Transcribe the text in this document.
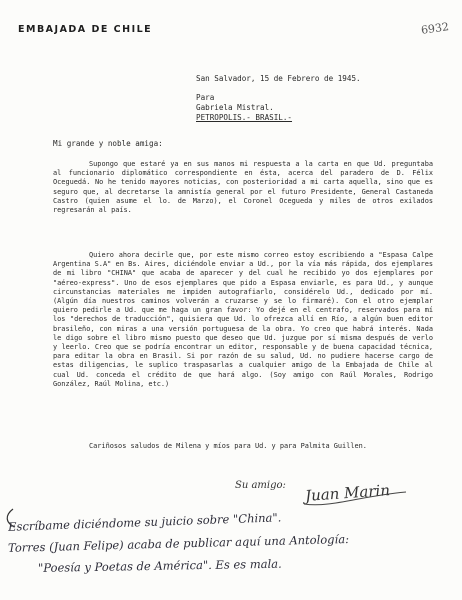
EMBAJADA DE CHILE	6932
San Salvador, 15 de Febrero de 1945.
Para
Gabriela Mistral.
PETROPOLIS.- BRASIL.-
Mi grande y noble amiga:

Supongo que estaré ya en sus manos mi respuesta a la carta en que Ud. preguntaba al funcionario diplomático correspondiente en ésta, acerca del paradero de D. Félix Oceguedá. No he tenido mayores noticias, con posterioridad a mi carta aquella, sino que es seguro que, al decretarse la amnistía general por el futuro Presidente, General Castaneda Castro (quien asume el lo. de Marzo), el Coronel Ocegueda y miles de otros exilados regresarán al país.

Quiero ahora decirle que, por este mismo correo estoy escribiendo a "Espasa Calpe Argentina S.A" en Bs. Aires, diciéndole enviar a Ud., por la vía más rápida, dos ejemplares de mi libro "CHINA" que acaba de aparecer y del cual he recibido yo dos ejemplares por "aéreo-express". Uno de esos ejemplares que pido a Espasa enviarle, es para Ud., y aunque circunstancias materiales me impiden autografiarlo, considérelo Ud., dedicado por mí. (Algún día nuestros caminos volverán a cruzarse y se lo firmaré). Con el otro ejemplar quiero pedirle a Ud. que me haga un gran favor: Yo dejé en el centrafo, reservados para mí los "derechos de traducción", quisiera que Ud. lo ofrezca allí en Río, a algún buen editor brasileño, con miras a una versión portuguesa de la obra. Yo creo que habrá interés. Nada le digo sobre el libro mismo puesto que deseo que Ud. juzgue por sí misma después de verlo y leerlo. Creo que se podría encontrar un editor, responsable y de buena capacidad técnica, para editar la obra en Brasil. Si por razón de su salud, Ud. no pudiere hacerse cargo de estas diligencias, le suplico traspasarlas a cualquier amigo de la Embajada de Chile al cual Ud. conceda el crédito de que hará algo. (Soy amigo con Raúl Morales, Rodrigo González, Raúl Molina, etc.)

Cariñosos saludos de Milena y míos para Ud. y para Palmita Guillen.

Su amigo: Juan Marin
Escríbame diciéndome su juicio sobre "China".
Torres (Juan Felipe) acaba de publicar aquí una Antología:
"Poesía y Poetas de América". Es es mala.
